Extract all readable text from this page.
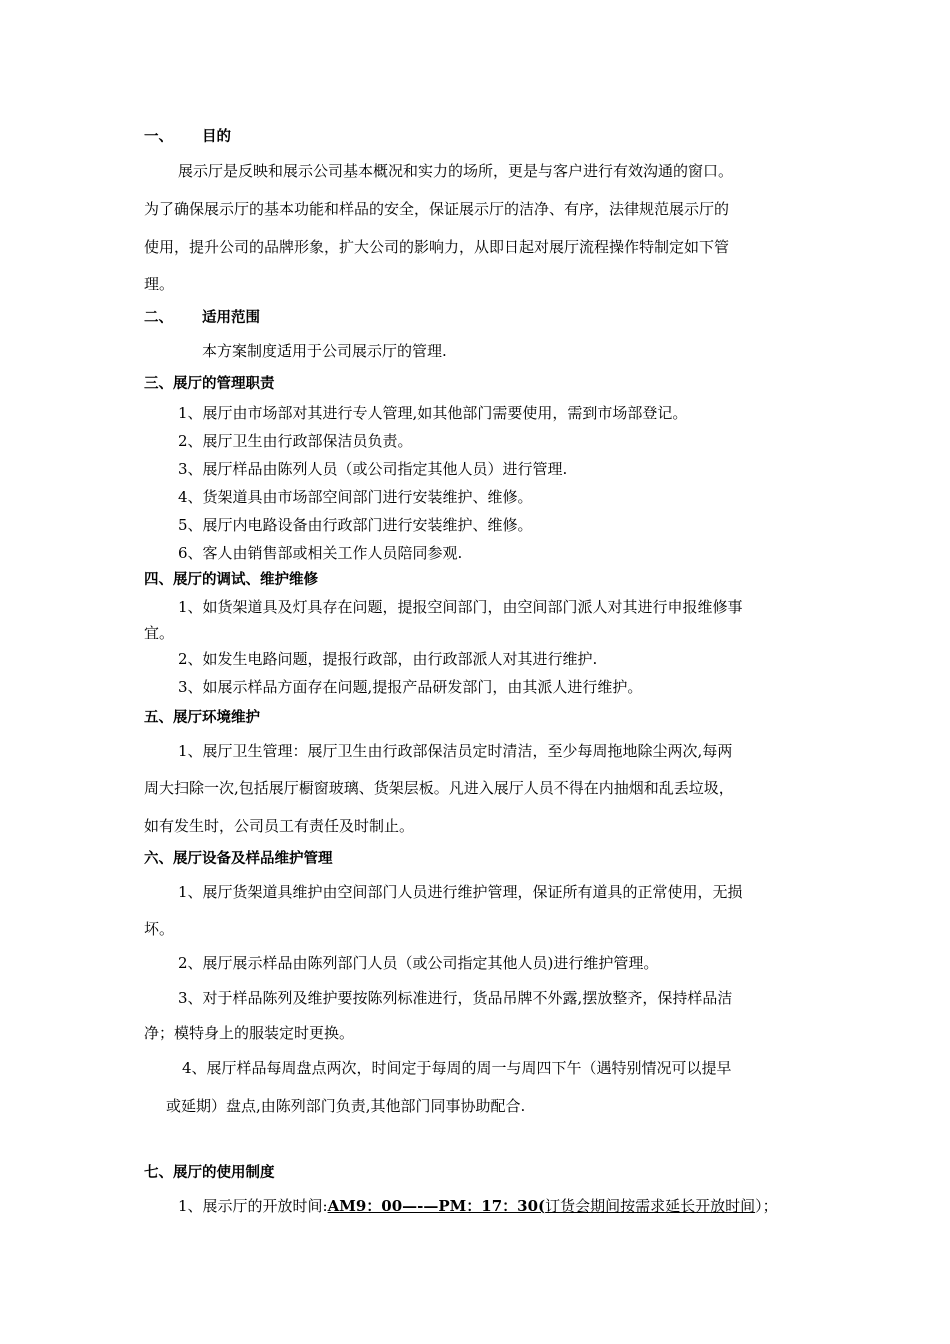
一、 目的
展示厅是反映和展示公司基本概况和实力的场所，更是与客户进行有效沟通的窗口。
为了确保展示厅的基本功能和样品的安全，保证展示厅的洁净、有序，法律规范展示厅的
使用，提升公司的品牌形象，扩大公司的影响力，从即日起对展厅流程操作特制定如下管
理。
二、 适用范围
本方案制度适用于公司展示厅的管理.
三、展厅的管理职责
1、展厅由市场部对其进行专人管理,如其他部门需要使用，需到市场部登记。
2、展厅卫生由行政部保洁员负责。
3、展厅样品由陈列人员（或公司指定其他人员）进行管理.
4、货架道具由市场部空间部门进行安装维护、维修。
5、展厅内电路设备由行政部门进行安装维护、维修。
6、客人由销售部或相关工作人员陪同参观.
四、展厅的调试、维护维修
1、如货架道具及灯具存在问题，提报空间部门，由空间部门派人对其进行申报维修事
宜。
2、如发生电路问题，提报行政部，由行政部派人对其进行维护.
3、如展示样品方面存在问题,提报产品研发部门，由其派人进行维护。
五、展厅环境维护
1、展厅卫生管理：展厅卫生由行政部保洁员定时清洁，至少每周拖地除尘两次,每两
周大扫除一次,包括展厅橱窗玻璃、货架层板。凡进入展厅人员不得在内抽烟和乱丢垃圾，
如有发生时，公司员工有责任及时制止。
六、展厅设备及样品维护管理
1、展厅货架道具维护由空间部门人员进行维护管理，保证所有道具的正常使用，无损
坏。
2、展厅展示样品由陈列部门人员（或公司指定其他人员)进行维护管理。
3、对于样品陈列及维护要按陈列标准进行，货品吊牌不外露,摆放整齐，保持样品洁
净；模特身上的服装定时更换。
4、展厅样品每周盘点两次，时间定于每周的周一与周四下午（遇特别情况可以提早
或延期）盘点,由陈列部门负责,其他部门同事协助配合.
七、展厅的使用制度
1、展示厅的开放时间:AM9：00—-—PM：17：30(订货会期间按需求延长开放时间）；
